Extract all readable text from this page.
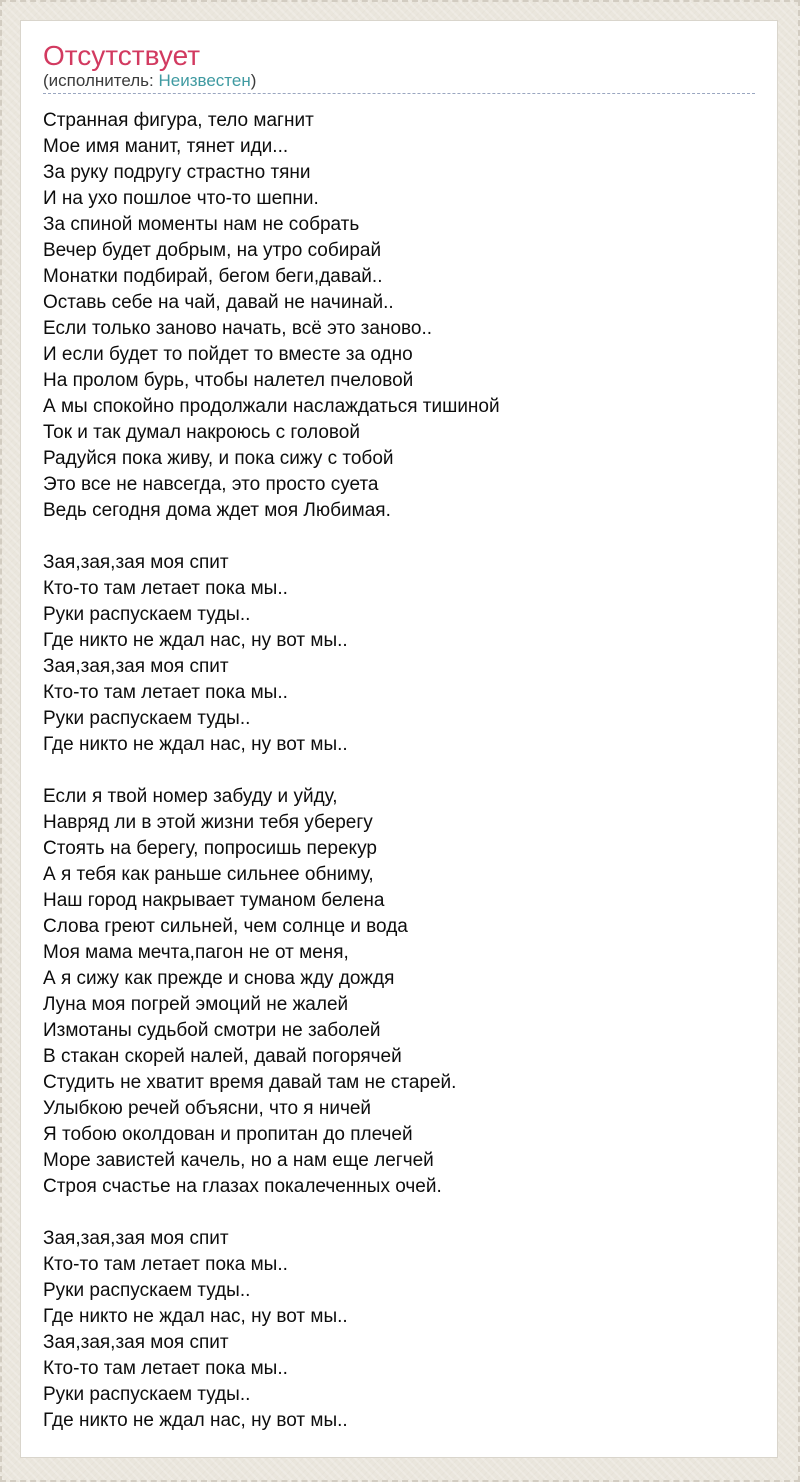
Отсутствует
(исполнитель: Неизвестен)
Странная фигура, тело магнит
Мое имя манит, тянет иди...
За руку подругу страстно тяни
И на ухо пошлое что-то шепни.
За спиной моменты нам не собрать
Вечер будет добрым, на утро собирай
Монатки подбирай, бегом беги,давай..
Оставь себе на чай, давай не начинай..
Если только заново начать, всё это заново..
И если будет то пойдет то вместе за одно
На пролом бурь, чтобы налетел пчеловой
А мы спокойно продолжали наслаждаться тишиной
Ток и так думал накроюсь с головой
Радуйся пока живу, и пока сижу с тобой
Это все не навсегда, это просто суета
Ведь сегодня дома ждет моя Любимая.
Зая,зая,зая моя спит
Кто-то там летает пока мы..
Руки распускаем туды..
Где никто не ждал нас, ну вот мы..
Зая,зая,зая моя спит
Кто-то там летает пока мы..
Руки распускаем туды..
Где никто не ждал нас, ну вот мы..
Если я твой номер забуду и уйду,
Навряд ли в этой жизни тебя уберегу
Стоять на берегу, попросишь перекур
А я тебя как раньше сильнее обниму,
Наш город накрывает туманом белена
Слова греют сильней, чем солнце и вода
Моя мама мечта,пагон не от меня,
А я сижу как прежде и снова жду дождя
Луна моя погрей эмоций не жалей
Измотаны судьбой смотри не заболей
В стакан скорей налей, давай погорячей
Студить не хватит время давай там не старей.
Улыбкою речей объясни, что я ничей
Я тобою околдован и пропитан до плечей
Море завистей качель, но а нам еще легчей
Строя счастье на глазах покалеченных очей.
Зая,зая,зая моя спит
Кто-то там летает пока мы..
Руки распускаем туды..
Где никто не ждал нас, ну вот мы..
Зая,зая,зая моя спит
Кто-то там летает пока мы..
Руки распускаем туды..
Где никто не ждал нас, ну вот мы..
